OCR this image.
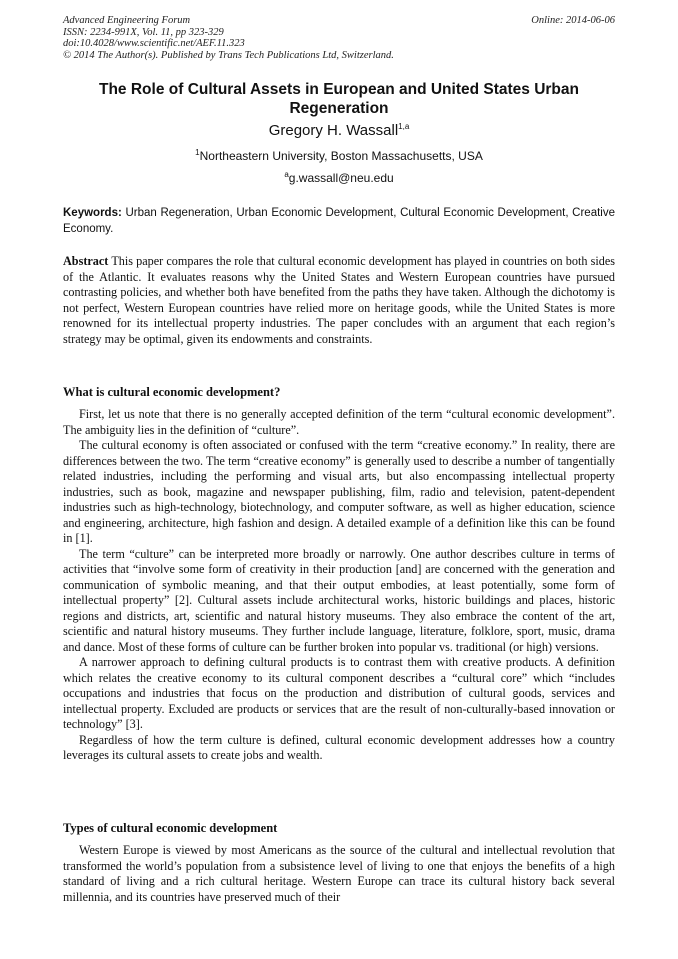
Advanced Engineering Forum
ISSN: 2234-991X, Vol. 11, pp 323-329
doi:10.4028/www.scientific.net/AEF.11.323
© 2014 The Author(s). Published by Trans Tech Publications Ltd, Switzerland.
Online: 2014-06-06
The Role of Cultural Assets in European and United States Urban Regeneration
Gregory H. Wassall$^{1,a}$
$^1$Northeastern University, Boston Massachusetts, USA
$^a$g.wassall@neu.edu
Keywords: Urban Regeneration, Urban Economic Development, Cultural Economic Development, Creative Economy.
Abstract This paper compares the role that cultural economic development has played in countries on both sides of the Atlantic. It evaluates reasons why the United States and Western European countries have pursued contrasting policies, and whether both have benefited from the paths they have taken. Although the dichotomy is not perfect, Western European countries have relied more on heritage goods, while the United States is more renowned for its intellectual property industries. The paper concludes with an argument that each region’s strategy may be optimal, given its endowments and constraints.
What is cultural economic development?

First, let us note that there is no generally accepted definition of the term “cultural economic development”. The ambiguity lies in the definition of “culture”.

The cultural economy is often associated or confused with the term “creative economy.” In reality, there are differences between the two. The term “creative economy” is generally used to describe a number of tangentially related industries, including the performing and visual arts, but also encompassing intellectual property industries, such as book, magazine and newspaper publishing, film, radio and television, patent-dependent industries such as high-technology, biotechnology, and computer software, as well as higher education, science and engineering, architecture, high fashion and design. A detailed example of a definition like this can be found in [1].

The term “culture” can be interpreted more broadly or narrowly. One author describes culture in terms of activities that “involve some form of creativity in their production [and] are concerned with the generation and communication of symbolic meaning, and that their output embodies, at least potentially, some form of intellectual property” [2]. Cultural assets include architectural works, historic buildings and places, historic regions and districts, art, scientific and natural history museums. They also embrace the content of the art, scientific and natural history museums. They further include language, literature, folklore, sport, music, drama and dance. Most of these forms of culture can be further broken into popular vs. traditional (or high) versions.

A narrower approach to defining cultural products is to contrast them with creative products. A definition which relates the creative economy to its cultural component describes a “cultural core” which “includes occupations and industries that focus on the production and distribution of cultural goods, services and intellectual property. Excluded are products or services that are the result of non-culturally-based innovation or technology” [3].

Regardless of how the term culture is defined, cultural economic development addresses how a country leverages its cultural assets to create jobs and wealth.

Types of cultural economic development

Western Europe is viewed by most Americans as the source of the cultural and intellectual revolution that transformed the world’s population from a subsistence level of living to one that enjoys the benefits of a high standard of living and a rich cultural heritage. Western Europe can trace its cultural history back several millennia, and its countries have preserved much of their
